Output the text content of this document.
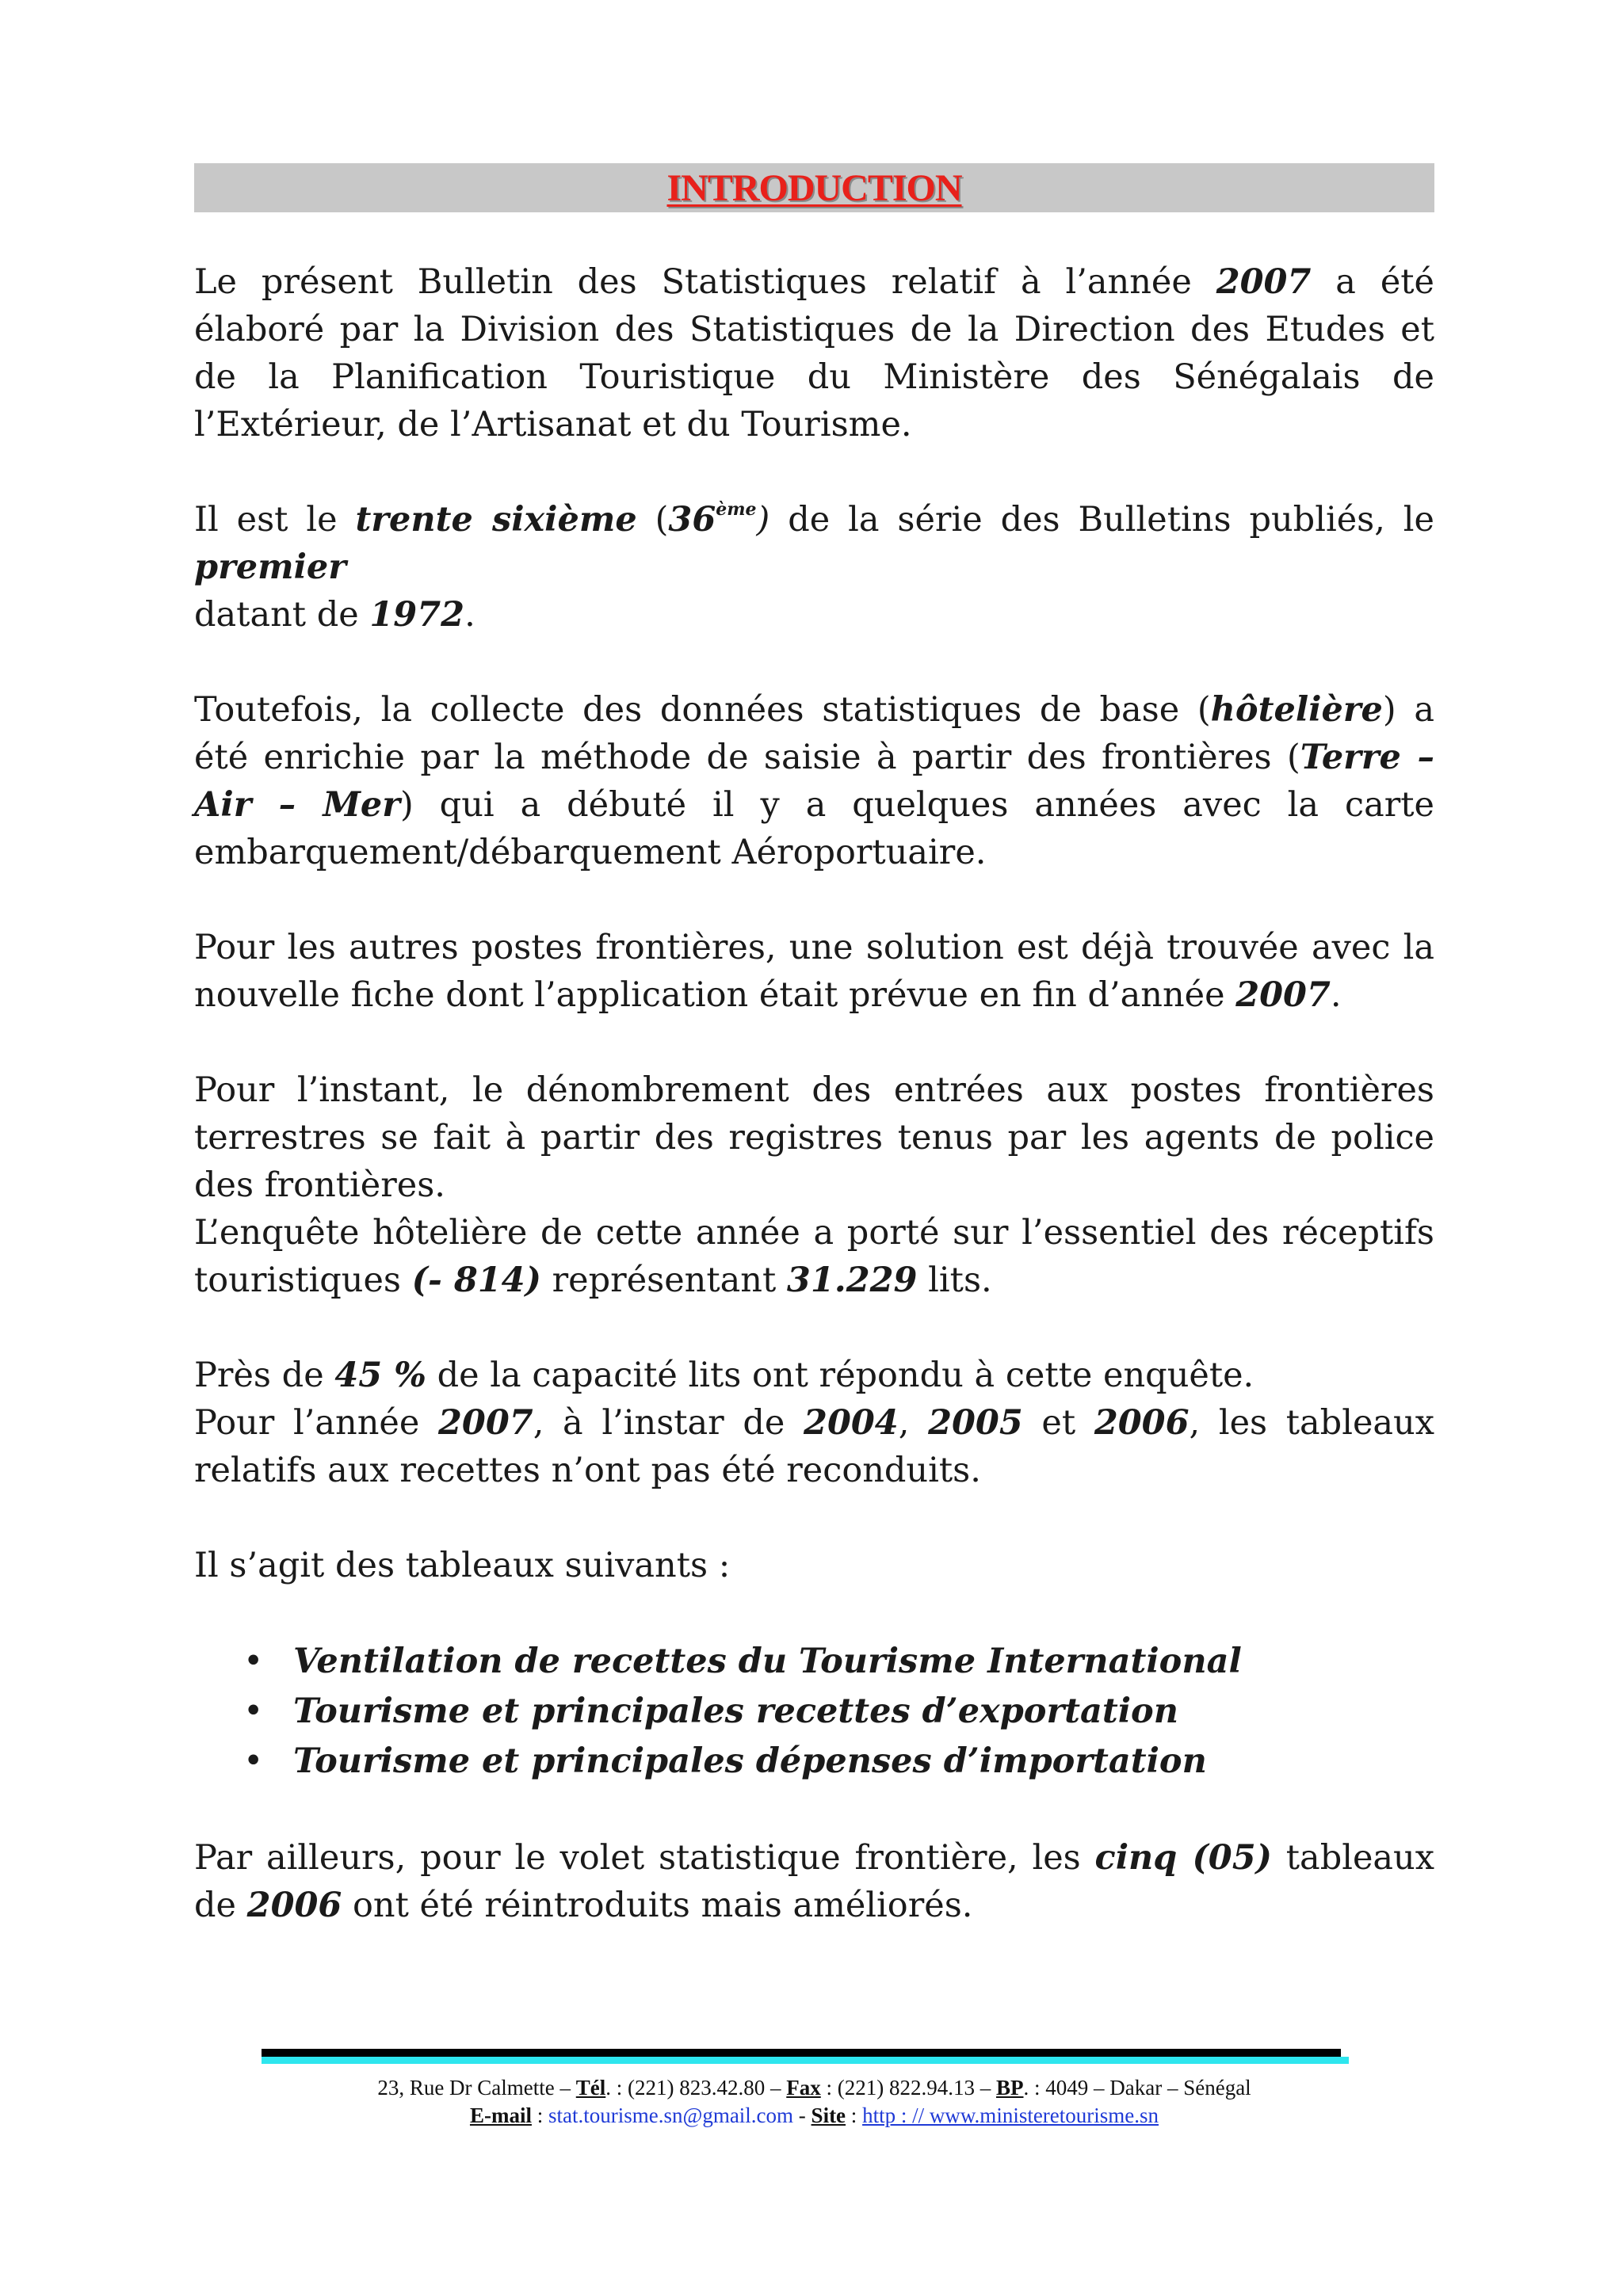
INTRODUCTION

Le présent Bulletin des Statistiques relatif à l’année 2007 a été élaboré par la Division des Statistiques de la Direction des Etudes et de la Planification Touristique du Ministère des Sénégalais de l’Extérieur, de l’Artisanat et du Tourisme.

Il est le trente sixième (36ème) de la série des Bulletins publiés, le premier

datant de 1972.

Toutefois, la collecte des données statistiques de base (hôtelière) a été enrichie par la méthode de saisie à partir des frontières (Terre – Air – Mer) qui a débuté il y a quelques années avec la carte embarquement/débarquement Aéroportuaire.

Pour les autres postes frontières, une solution est déjà trouvée avec la nouvelle fiche dont l’application était prévue en fin d’année 2007.

Pour l’instant, le dénombrement des entrées aux postes frontières terrestres se fait à partir des registres tenus par les agents de police des frontières.

L’enquête hôtelière de cette année a porté sur l’essentiel des réceptifs touristiques (- 814) représentant 31.229 lits.

Près de 45 % de la capacité lits ont répondu à cette enquête.

Pour l’année 2007, à l’instar de 2004, 2005 et 2006, les tableaux relatifs aux recettes n’ont pas été reconduits.

Il s’agit des tableaux suivants :

• Ventilation de recettes du Tourisme International
• Tourisme et principales recettes d’exportation
• Tourisme et principales dépenses d’importation

Par ailleurs, pour le volet statistique frontière, les cinq (05) tableaux de 2006 ont été réintroduits mais améliorés.

23, Rue Dr Calmette – Tél. : (221) 823.42.80 – Fax : (221) 822.94.13 – BP. : 4049 – Dakar – Sénégal
E-mail : stat.tourisme.sn@gmail.com - Site : http : // www.ministeretourisme.sn
